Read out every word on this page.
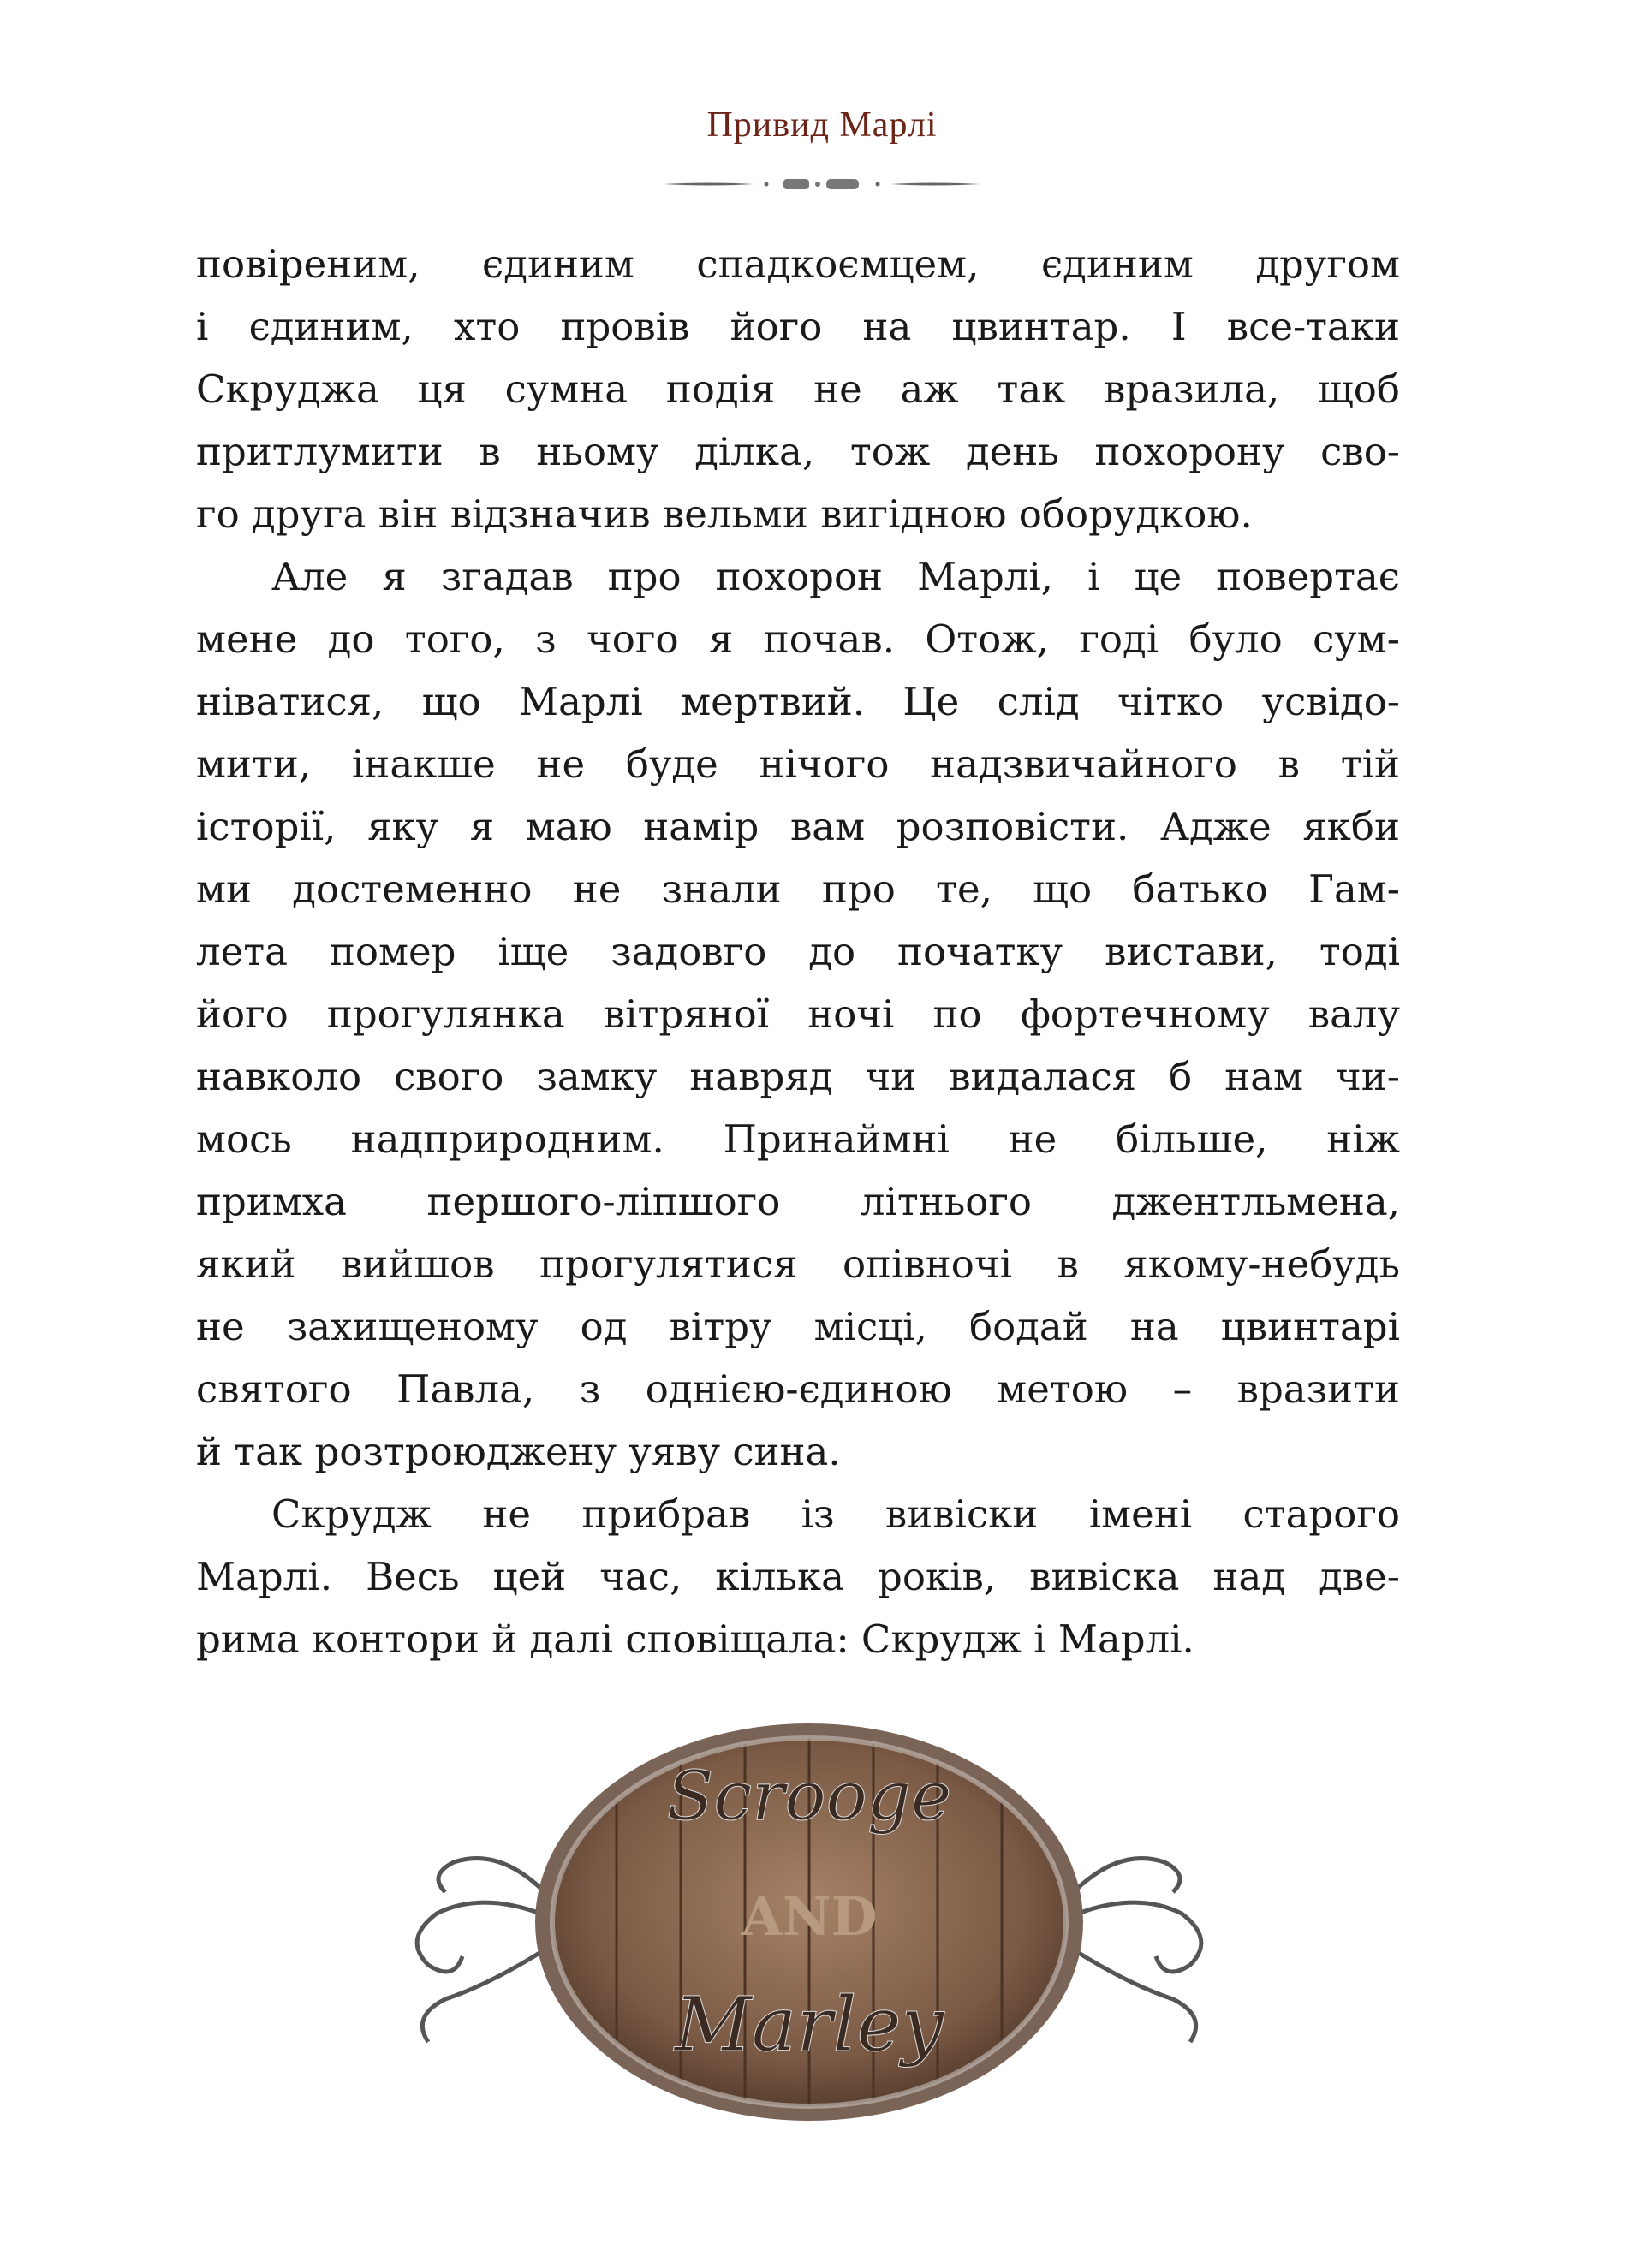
Привид Марлі
повіреним, єдиним спадкоємцем, єдиним другом
і єдиним, хто провів його на цвинтар. І все-таки
Скруджа ця сумна подія не аж так вразила, щоб
притлумити в ньому ділка, тож день похорону сво-
го друга він відзначив вельми вигідною оборудкою.
Але я згадав про похорон Марлі, і це повертає
мене до того, з чого я почав. Отож, годі було сум-
ніватися, що Марлі мертвий. Це слід чітко усвідо-
мити, інакше не буде нічого надзвичайного в тій
історії, яку я маю намір вам розповісти. Адже якби
ми достеменно не знали про те, що батько Гам-
лета помер іще задовго до початку вистави, тоді
його прогулянка вітряної ночі по фортечному валу
навколо свого замку навряд чи видалася б нам чи-
мось надприродним. Принаймні не більше, ніж
примха першого-ліпшого літнього джентльмена,
який вийшов прогулятися опівночі в якому-небудь
не захищеному од вітру місці, бодай на цвинтарі
святого Павла, з однією-єдиною метою – вразити
й так розтроюджену уяву сина.
Скрудж не прибрав із вивіски імені старого
Марлі. Весь цей час, кілька років, вивіска над две-
рима контори й далі сповіщала: Скрудж і Марлі.
Scrooge
AND
Marley
